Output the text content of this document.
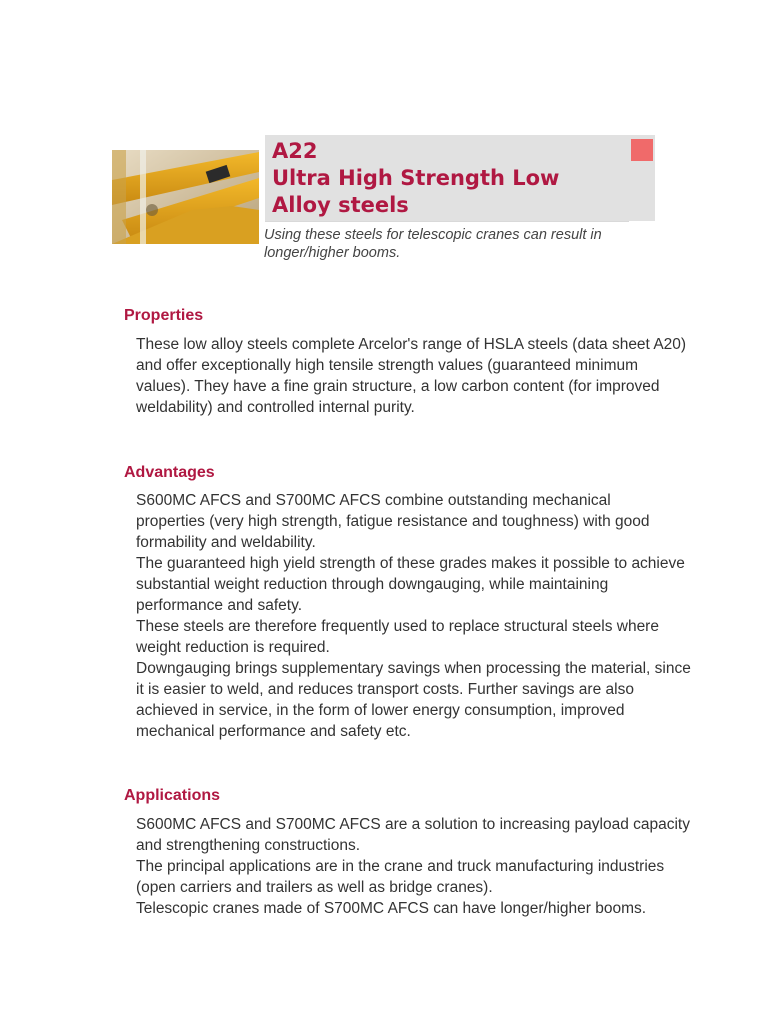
A22
Ultra High Strength Low
Alloy steels
Using these steels for telescopic cranes can result in
longer/higher booms.
Properties
These low alloy steels complete Arcelor's range of HSLA steels (data sheet A20)
and offer exceptionally high tensile strength values (guaranteed minimum
values). They have a fine grain structure, a low carbon content (for improved
weldability) and controlled internal purity.
Advantages
S600MC AFCS and S700MC AFCS combine outstanding mechanical
properties (very high strength, fatigue resistance and toughness) with good
formability and weldability.
The guaranteed high yield strength of these grades makes it possible to achieve
substantial weight reduction through downgauging, while maintaining
performance and safety.
These steels are therefore frequently used to replace structural steels where
weight reduction is required.
Downgauging brings supplementary savings when processing the material, since
it is easier to weld, and reduces transport costs. Further savings are also
achieved in service, in the form of lower energy consumption, improved
mechanical performance and safety etc.
Applications
S600MC AFCS and S700MC AFCS are a solution to increasing payload capacity
and strengthening constructions.
The principal applications are in the crane and truck manufacturing industries
(open carriers and trailers as well as bridge cranes).
Telescopic cranes made of S700MC AFCS can have longer/higher booms.
